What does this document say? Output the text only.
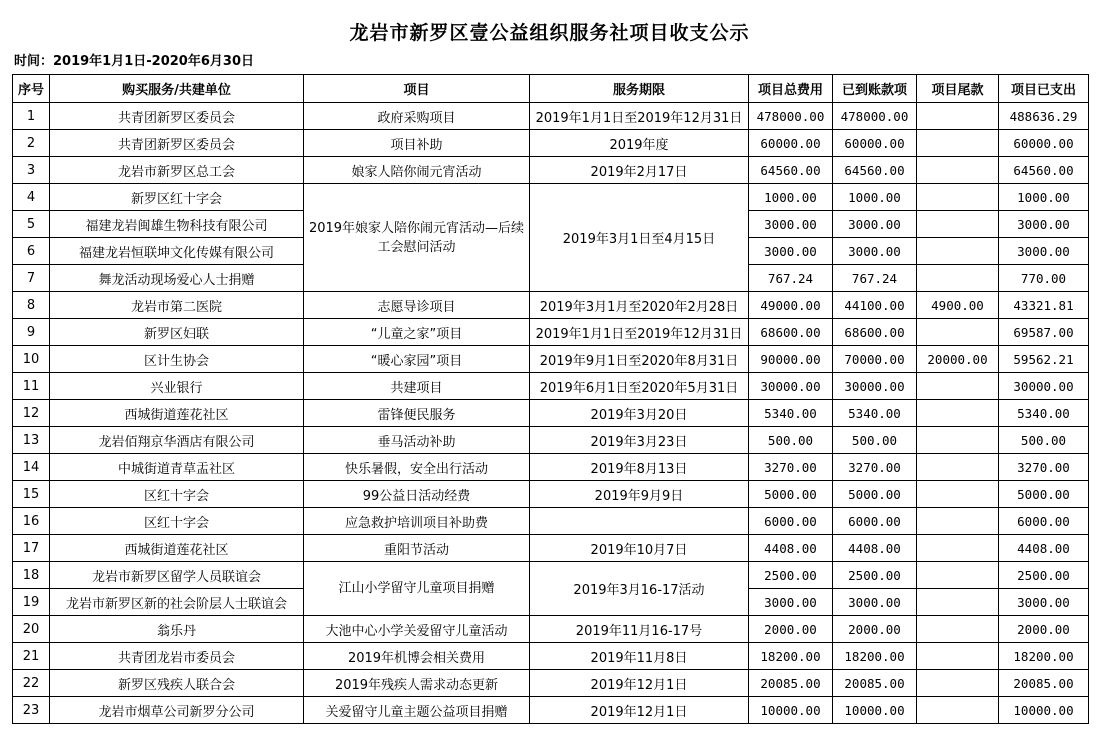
龙岩市新罗区壹公益组织服务社项目收支公示
时间：2019年1月1日-2020年6月30日
序号	购买服务/共建单位	项目	服务期限	项目总费用	已到账款项	项目尾款	项目已支出
1	共青团新罗区委员会	政府采购项目	2019年1月1日至2019年12月31日	478000.00	478000.00		488636.29
2	共青团新罗区委员会	项目补助	2019年度	60000.00	60000.00		60000.00
3	龙岩市新罗区总工会	娘家人陪你闹元宵活动	2019年2月17日	64560.00	64560.00		64560.00
4	新罗区红十字会	2019年娘家人陪你闹元宵活动—后续工会慰问活动	2019年3月1日至4月15日	1000.00	1000.00		1000.00
5	福建龙岩闽雄生物科技有限公司			3000.00	3000.00		3000.00
6	福建龙岩恒联坤文化传媒有限公司			3000.00	3000.00		3000.00
7	舞龙活动现场爱心人士捐赠			767.24	767.24		770.00
8	龙岩市第二医院	志愿导诊项目	2019年3月1月至2020年2月28日	49000.00	44100.00	4900.00	43321.81
9	新罗区妇联	“儿童之家”项目	2019年1月1日至2019年12月31日	68600.00	68600.00		69587.00
10	区计生协会	“暖心家园”项目	2019年9月1日至2020年8月31日	90000.00	70000.00	20000.00	59562.21
11	兴业银行	共建项目	2019年6月1日至2020年5月31日	30000.00	30000.00		30000.00
12	西城街道莲花社区	雷锋便民服务	2019年3月20日	5340.00	5340.00		5340.00
13	龙岩佰翔京华酒店有限公司	垂马活动补助	2019年3月23日	500.00	500.00		500.00
14	中城街道青草盂社区	快乐暑假，安全出行活动	2019年8月13日	3270.00	3270.00		3270.00
15	区红十字会	99公益日活动经费	2019年9月9日	5000.00	5000.00		5000.00
16	区红十字会	应急救护培训项目补助费		6000.00	6000.00		6000.00
17	西城街道莲花社区	重阳节活动	2019年10月7日	4408.00	4408.00		4408.00
18	龙岩市新罗区留学人员联谊会	江山小学留守儿童项目捐赠	2019年3月16-17活动	2500.00	2500.00		2500.00
19	龙岩市新罗区新的社会阶层人士联谊会			3000.00	3000.00		3000.00
20	翁乐丹	大池中心小学关爱留守儿童活动	2019年11月16-17号	2000.00	2000.00		2000.00
21	共青团龙岩市委员会	2019年机博会相关费用	2019年11月8日	18200.00	18200.00		18200.00
22	新罗区残疾人联合会	2019年残疾人需求动态更新	2019年12月1日	20085.00	20085.00		20085.00
23	龙岩市烟草公司新罗分公司	关爱留守儿童主题公益项目捐赠	2019年12月1日	10000.00	10000.00		10000.00
